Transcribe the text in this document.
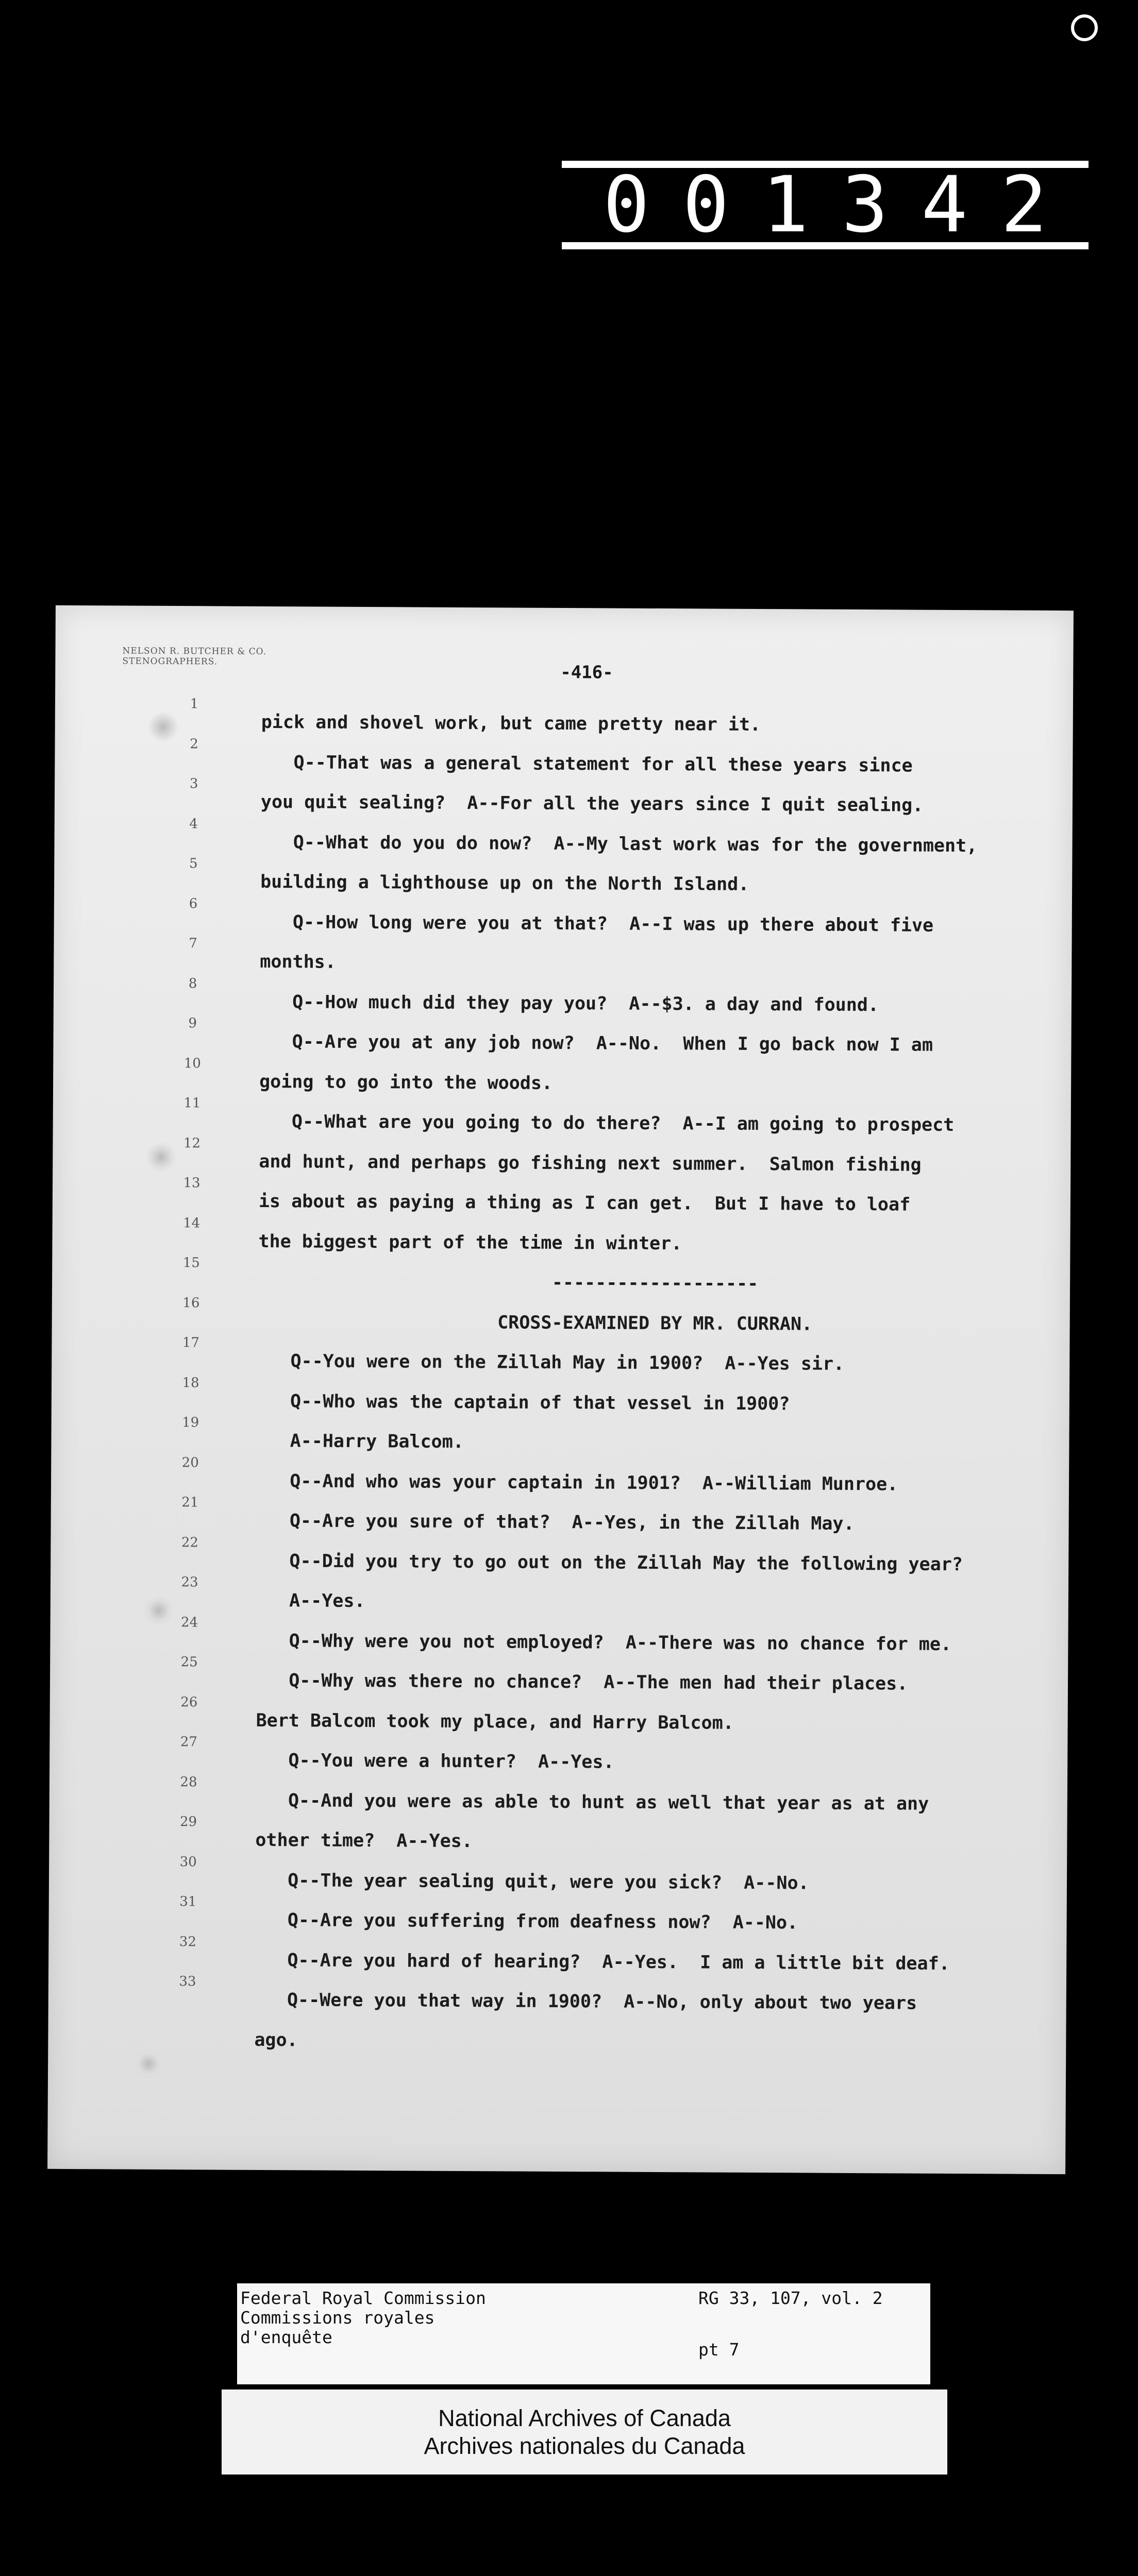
001342
NELSON R. BUTCHER & CO.
STENOGRAPHERS.
-416-
1
2
3
4
5
6
7
8
9
10
11
12
13
14
15
16
17
18
19
20
21
22
23
24
25
26
27
28
29
30
31
32
33

pick and shovel work, but came pretty near it.

Q--That was a general statement for all these years since

you quit sealing?  A--For all the years since I quit sealing.

Q--What do you do now?  A--My last work was for the government,

building a lighthouse up on the North Island.

Q--How long were you at that?  A--I was up there about five

months.

Q--How much did they pay you?  A--$3. a day and found.

Q--Are you at any job now?  A--No.  When I go back now I am

going to go into the woods.

Q--What are you going to do there?  A--I am going to prospect

and hunt, and perhaps go fishing next summer.  Salmon fishing

is about as paying a thing as I can get.  But I have to loaf

the biggest part of the time in winter.

-------------------

CROSS-EXAMINED BY MR. CURRAN.

Q--You were on the Zillah May in 1900?  A--Yes sir.

Q--Who was the captain of that vessel in 1900?

A--Harry Balcom.

Q--And who was your captain in 1901?  A--William Munroe.

Q--Are you sure of that?  A--Yes, in the Zillah May.

Q--Did you try to go out on the Zillah May the following year?

A--Yes.

Q--Why were you not employed?  A--There was no chance for me.

Q--Why was there no chance?  A--The men had their places.

Bert Balcom took my place, and Harry Balcom.

Q--You were a hunter?  A--Yes.

Q--And you were as able to hunt as well that year as at any

other time?  A--Yes.

Q--The year sealing quit, were you sick?  A--No.

Q--Are you suffering from deafness now?  A--No.

Q--Are you hard of hearing?  A--Yes.  I am a little bit deaf.

Q--Were you that way in 1900?  A--No, only about two years

ago.

Federal Royal Commission
Commissions royales
d'enquête
RG 33, 107, vol. 2
pt 7
National Archives of Canada
Archives nationales du Canada
